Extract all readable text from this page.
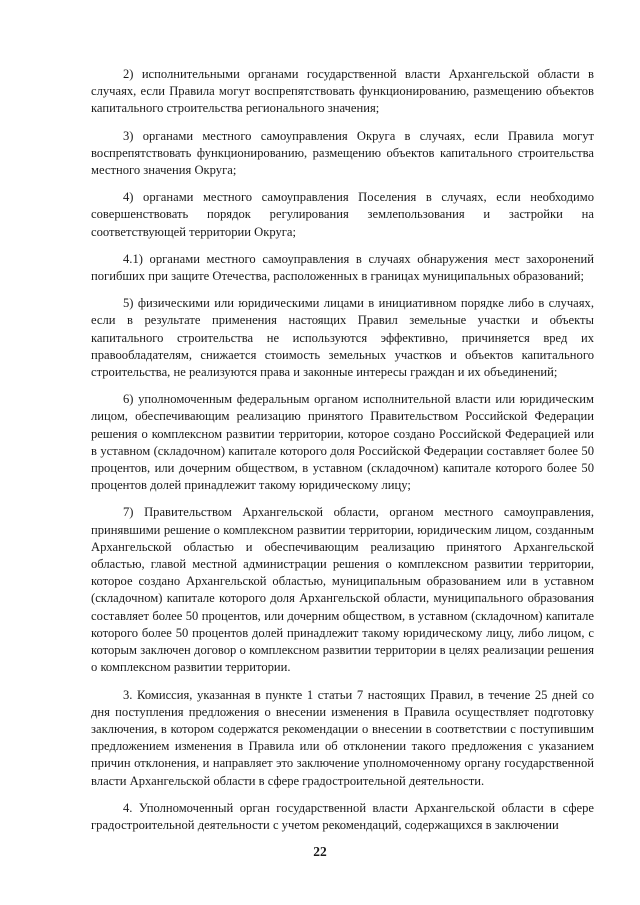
2) исполнительными органами государственной власти Архангельской области в случаях, если Правила могут воспрепятствовать функционированию, размещению объектов капитального строительства регионального значения;

3) органами местного самоуправления Округа в случаях, если Правила могут воспрепятствовать функционированию, размещению объектов капитального строительства местного значения Округа;

4) органами местного самоуправления Поселения в случаях, если необходимо совершенствовать порядок регулирования землепользования и застройки на соответствующей территории Округа;

4.1) органами местного самоуправления в случаях обнаружения мест захоронений погибших при защите Отечества, расположенных в границах муниципальных образований;

5) физическими или юридическими лицами в инициативном порядке либо в случаях, если в результате применения настоящих Правил земельные участки и объекты капитального строительства не используются эффективно, причиняется вред их правообладателям, снижается стоимость земельных участков и объектов капитального строительства, не реализуются права и законные интересы граждан и их объединений;

6) уполномоченным федеральным органом исполнительной власти или юридическим лицом, обеспечивающим реализацию принятого Правительством Российской Федерации решения о комплексном развитии территории, которое создано Российской Федерацией или в уставном (складочном) капитале которого доля Российской Федерации составляет более 50 процентов, или дочерним обществом, в уставном (складочном) капитале которого более 50 процентов долей принадлежит такому юридическому лицу;

7) Правительством Архангельской области, органом местного самоуправления, принявшими решение о комплексном развитии территории, юридическим лицом, созданным Архангельской областью и обеспечивающим реализацию принятого Архангельской областью, главой местной администрации решения о комплексном развитии территории, которое создано Архангельской областью, муниципальным образованием или в уставном (складочном) капитале которого доля Архангельской области, муниципального образования составляет более 50 процентов, или дочерним обществом, в уставном (складочном) капитале которого более 50 процентов долей принадлежит такому юридическому лицу, либо лицом, с которым заключен договор о комплексном развитии территории в целях реализации решения о комплексном развитии территории.

3. Комиссия, указанная в пункте 1 статьи 7 настоящих Правил, в течение 25 дней со дня поступления предложения о внесении изменения в Правила осуществляет подготовку заключения, в котором содержатся рекомендации о внесении в соответствии с поступившим предложением изменения в Правила или об отклонении такого предложения с указанием причин отклонения, и направляет это заключение уполномоченному органу государственной власти Архангельской области в сфере градостроительной деятельности.

4. Уполномоченный орган государственной власти Архангельской области в сфере градостроительной деятельности с учетом рекомендаций, содержащихся в заключении

22
